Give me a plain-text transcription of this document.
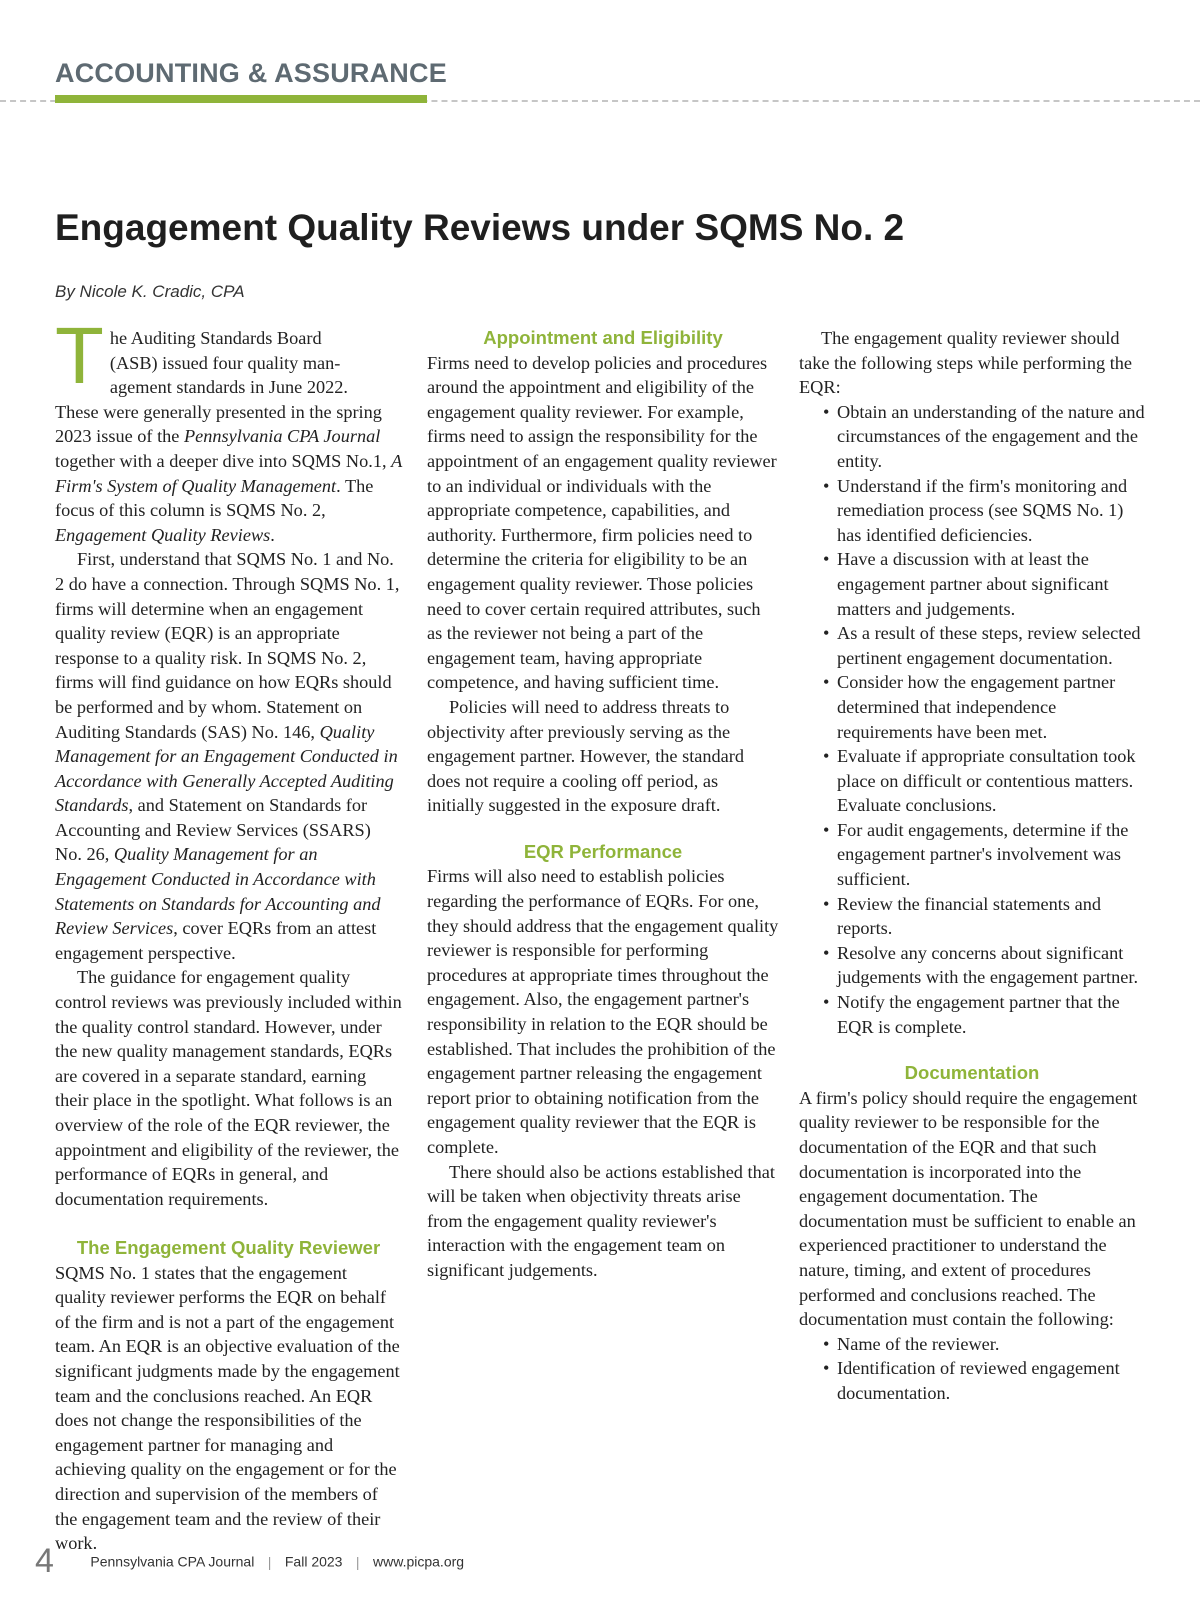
ACCOUNTING & ASSURANCE
Engagement Quality Reviews under SQMS No. 2
By Nicole K. Cradic, CPA

T he Auditing Standards Board
(ASB) issued four quality man-
agement standards in June 2022.
These were generally presented in the spring 2023 issue of the Pennsylvania CPA Journal together with a deeper dive into SQMS No.1, A Firm's System of Quality Management. The focus of this column is SQMS No. 2, Engagement Quality Reviews.

First, understand that SQMS No. 1 and No. 2 do have a connection. Through SQMS No. 1, firms will determine when an engagement quality review (EQR) is an appropriate response to a quality risk. In SQMS No. 2, firms will find guidance on how EQRs should be performed and by whom. Statement on Auditing Standards (SAS) No. 146, Quality Management for an Engagement Conducted in Accordance with Generally Accepted Auditing Standards, and Statement on Standards for Accounting and Review Services (SSARS) No. 26, Quality Management for an Engagement Conducted in Accordance with Statements on Standards for Accounting and Review Services, cover EQRs from an attest engagement perspective.

The guidance for engagement quality control reviews was previously included within the quality control standard. However, under the new quality management standards, EQRs are covered in a separate standard, earning their place in the spotlight. What follows is an overview of the role of the EQR reviewer, the appointment and eligibility of the reviewer, the performance of EQRs in general, and documentation requirements.

The Engagement Quality Reviewer

SQMS No. 1 states that the engagement quality reviewer performs the EQR on behalf of the firm and is not a part of the engagement team. An EQR is an objective evaluation of the significant judgments made by the engagement team and the conclusions reached. An EQR does not change the responsibilities of the engagement partner for managing and achieving quality on the engagement or for the direction and supervision of the members of the engagement team and the review of their work.

Appointment and Eligibility

Firms need to develop policies and procedures around the appointment and eligibility of the engagement quality reviewer. For example, firms need to assign the responsibility for the appointment of an engagement quality reviewer to an individual or individuals with the appropriate competence, capabilities, and authority. Furthermore, firm policies need to determine the criteria for eligibility to be an engagement quality reviewer. Those policies need to cover certain required attributes, such as the reviewer not being a part of the engagement team, having appropriate competence, and having sufficient time.

Policies will need to address threats to objectivity after previously serving as the engagement partner. However, the standard does not require a cooling off period, as initially suggested in the exposure draft.

EQR Performance

Firms will also need to establish policies regarding the performance of EQRs. For one, they should address that the engagement quality reviewer is responsible for performing procedures at appropriate times throughout the engagement. Also, the engagement partner's responsibility in relation to the EQR should be established. That includes the prohibition of the engagement partner releasing the engagement report prior to obtaining notification from the engagement quality reviewer that the EQR is complete.

There should also be actions established that will be taken when objectivity threats arise from the engagement quality reviewer's interaction with the engagement team on significant judgements.

The engagement quality reviewer should take the following steps while performing the EQR:

• Obtain an understanding of the nature and circumstances of the engagement and the entity.
• Understand if the firm's monitoring and remediation process (see SQMS No. 1) has identified deficiencies.
• Have a discussion with at least the engagement partner about significant matters and judgements.
• As a result of these steps, review selected pertinent engagement documentation.
• Consider how the engagement partner determined that independence requirements have been met.
• Evaluate if appropriate consultation took place on difficult or contentious matters. Evaluate conclusions.
• For audit engagements, determine if the engagement partner's involvement was sufficient.
• Review the financial statements and reports.
• Resolve any concerns about significant judgements with the engagement partner.
• Notify the engagement partner that the EQR is complete.
Documentation

A firm's policy should require the engagement quality reviewer to be responsible for the documentation of the EQR and that such documentation is incorporated into the engagement documentation. The documentation must be sufficient to enable an experienced practitioner to understand the nature, timing, and extent of procedures performed and conclusions reached. The documentation must contain the following:

• Name of the reviewer.
• Identification of reviewed engagement documentation.
4	Pennsylvania CPA Journal | Fall 2023 | www.picpa.org
